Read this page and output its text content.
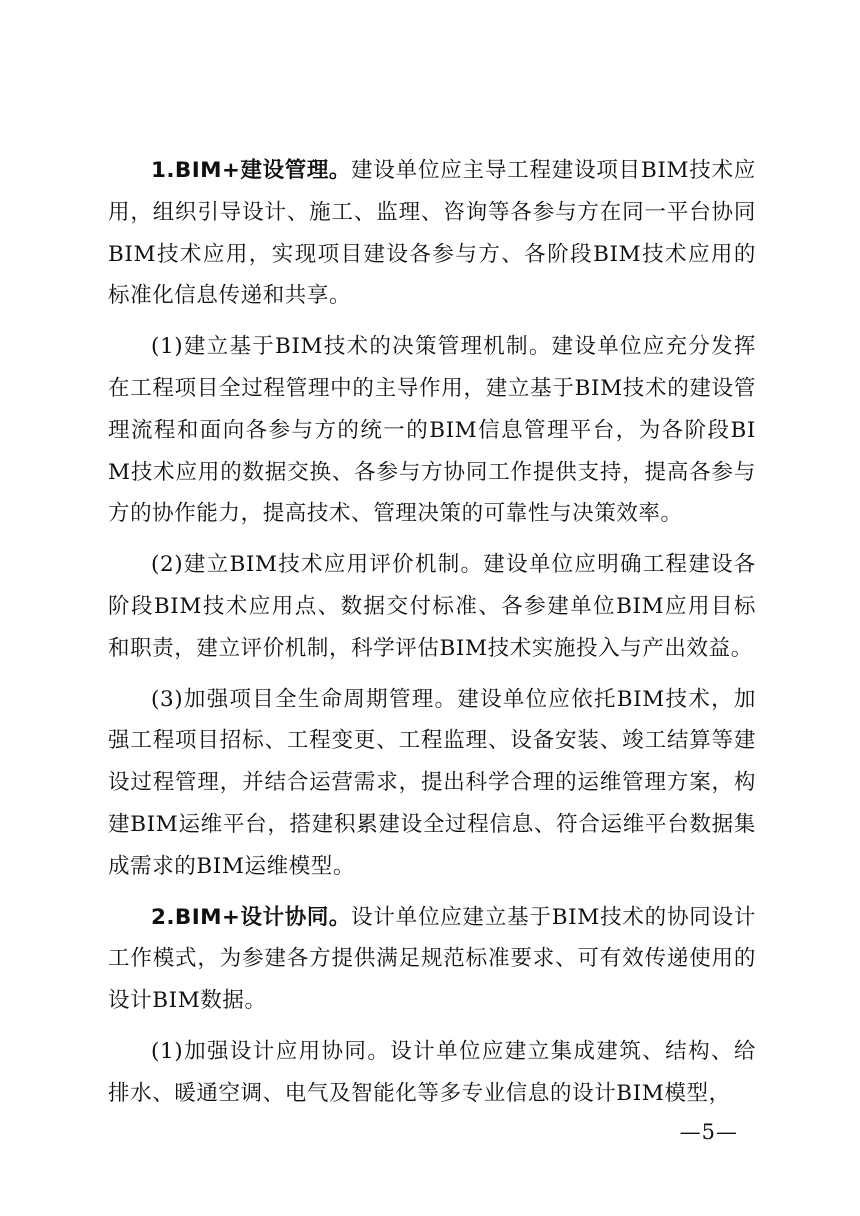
1.BIM+建设管理。建设单位应主导工程建设项目BIM技术应用，组织引导设计、施工、监理、咨询等各参与方在同一平台协同BIM技术应用，实现项目建设各参与方、各阶段BIM技术应用的标准化信息传递和共享。

(1)建立基于BIM技术的决策管理机制。建设单位应充分发挥在工程项目全过程管理中的主导作用，建立基于BIM技术的建设管理流程和面向各参与方的统一的BIM信息管理平台，为各阶段BIM技术应用的数据交换、各参与方协同工作提供支持，提高各参与方的协作能力，提高技术、管理决策的可靠性与决策效率。

(2)建立BIM技术应用评价机制。建设单位应明确工程建设各阶段BIM技术应用点、数据交付标准、各参建单位BIM应用目标和职责，建立评价机制，科学评估BIM技术实施投入与产出效益。

(3)加强项目全生命周期管理。建设单位应依托BIM技术，加强工程项目招标、工程变更、工程监理、设备安装、竣工结算等建设过程管理，并结合运营需求，提出科学合理的运维管理方案，构建BIM运维平台，搭建积累建设全过程信息、符合运维平台数据集成需求的BIM运维模型。

2.BIM+设计协同。设计单位应建立基于BIM技术的协同设计工作模式，为参建各方提供满足规范标准要求、可有效传递使用的设计BIM数据。

(1)加强设计应用协同。设计单位应建立集成建筑、结构、给排水、暖通空调、电气及智能化等多专业信息的设计BIM模型，

—5—
